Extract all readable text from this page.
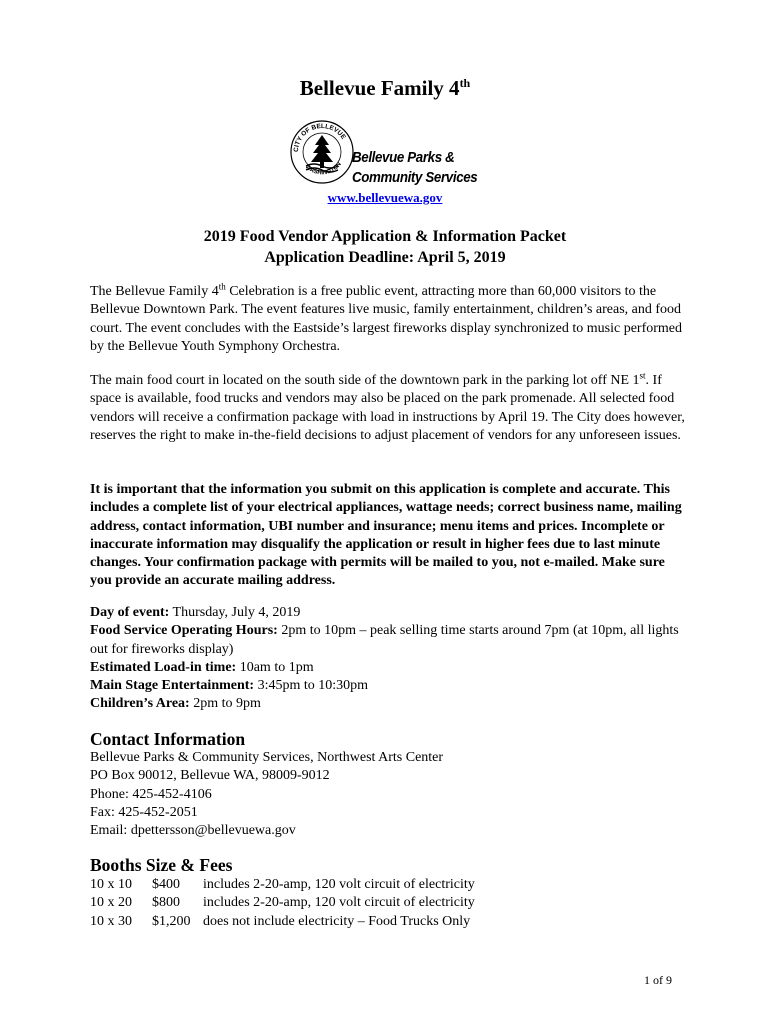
Bellevue Family 4th
CITY OF BELLEVUE
WASHINGTON Bellevue Parks &
Community Services
www.bellevuewa.gov
2019 Food Vendor Application & Information Packet
Application Deadline: April 5, 2019

The Bellevue Family 4th Celebration is a free public event, attracting more than 60,000 visitors to the Bellevue Downtown Park. The event features live music, family entertainment, children’s areas, and food court. The event concludes with the Eastside’s largest fireworks display synchronized to music performed by the Bellevue Youth Symphony Orchestra.

The main food court in located on the south side of the downtown park in the parking lot off NE 1st. If space is available, food trucks and vendors may also be placed on the park promenade. All selected food vendors will receive a confirmation package with load in instructions by April 19. The City does however, reserves the right to make in-the-field decisions to adjust placement of vendors for any unforeseen issues.

It is important that the information you submit on this application is complete and accurate. This includes a complete list of your electrical appliances, wattage needs; correct business name, mailing address, contact information, UBI number and insurance; menu items and prices. Incomplete or inaccurate information may disqualify the application or result in higher fees due to last minute changes. Your confirmation package with permits will be mailed to you, not e-mailed. Make sure you provide an accurate mailing address.

Day of event: Thursday, July 4, 2019
Food Service Operating Hours: 2pm to 10pm – peak selling time starts around 7pm (at 10pm, all lights out for fireworks display)
Estimated Load-in time: 10am to 1pm
Main Stage Entertainment: 3:45pm to 10:30pm
Children’s Area: 2pm to 9pm
Contact Information
Bellevue Parks & Community Services, Northwest Arts Center
PO Box 90012, Bellevue WA, 98009-9012
Phone: 425-452-4106
Fax: 425-452-2051
Email: dpettersson@bellevuewa.gov
Booths Size & Fees
10 x 10	$400	includes 2-20-amp, 120 volt circuit of electricity
10 x 20	$800	includes 2-20-amp, 120 volt circuit of electricity
10 x 30	$1,200 does not include electricity – Food Trucks Only
1 of 9
